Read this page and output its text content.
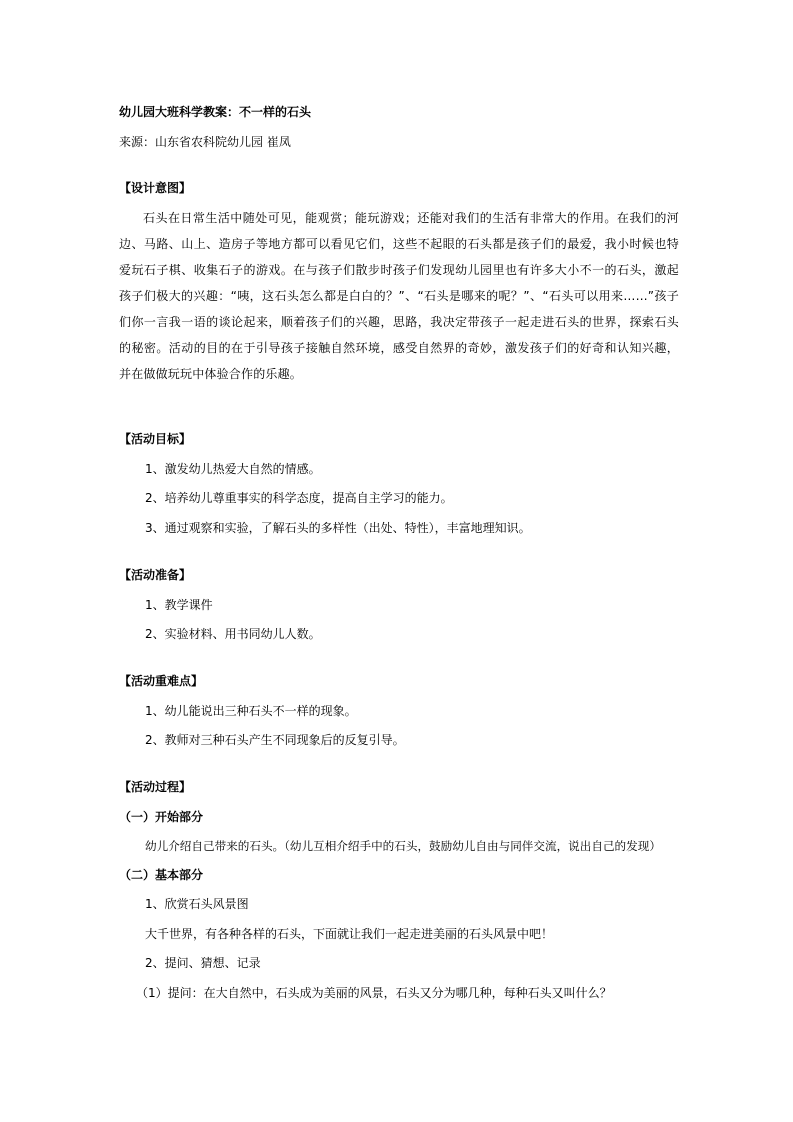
幼儿园大班科学教案：不一样的石头
来源：山东省农科院幼儿园 崔凤
【设计意图】
石头在日常生活中随处可见，能观赏；能玩游戏；还能对我们的生活有非常大的作用。在我们的河边、马路、山上、造房子等地方都可以看见它们，这些不起眼的石头都是孩子们的最爱，我小时候也特爱玩石子棋、收集石子的游戏。在与孩子们散步时孩子们发现幼儿园里也有许多大小不一的石头，激起孩子们极大的兴趣：“咦，这石头怎么都是白白的？”、“石头是哪来的呢？”、“石头可以用来……”孩子们你一言我一语的谈论起来，顺着孩子们的兴趣，思路，我决定带孩子一起走进石头的世界，探索石头的秘密。活动的目的在于引导孩子接触自然环境，感受自然界的奇妙，激发孩子们的好奇和认知兴趣，并在做做玩玩中体验合作的乐趣。
【活动目标】
1、激发幼儿热爱大自然的情感。
2、培养幼儿尊重事实的科学态度，提高自主学习的能力。
3、通过观察和实验，了解石头的多样性（出处、特性），丰富地理知识。
【活动准备】
1、教学课件
2、实验材料、用书同幼儿人数。
【活动重难点】
1、幼儿能说出三种石头不一样的现象。
2、教师对三种石头产生不同现象后的反复引导。
【活动过程】
（一）开始部分
幼儿介绍自己带来的石头。（幼儿互相介绍手中的石头，鼓励幼儿自由与同伴交流，说出自己的发现）
（二）基本部分
1、欣赏石头风景图
大千世界，有各种各样的石头，下面就让我们一起走进美丽的石头风景中吧！
2、提问、猜想、记录
（1）提问：在大自然中，石头成为美丽的风景，石头又分为哪几种，每种石头又叫什么？
